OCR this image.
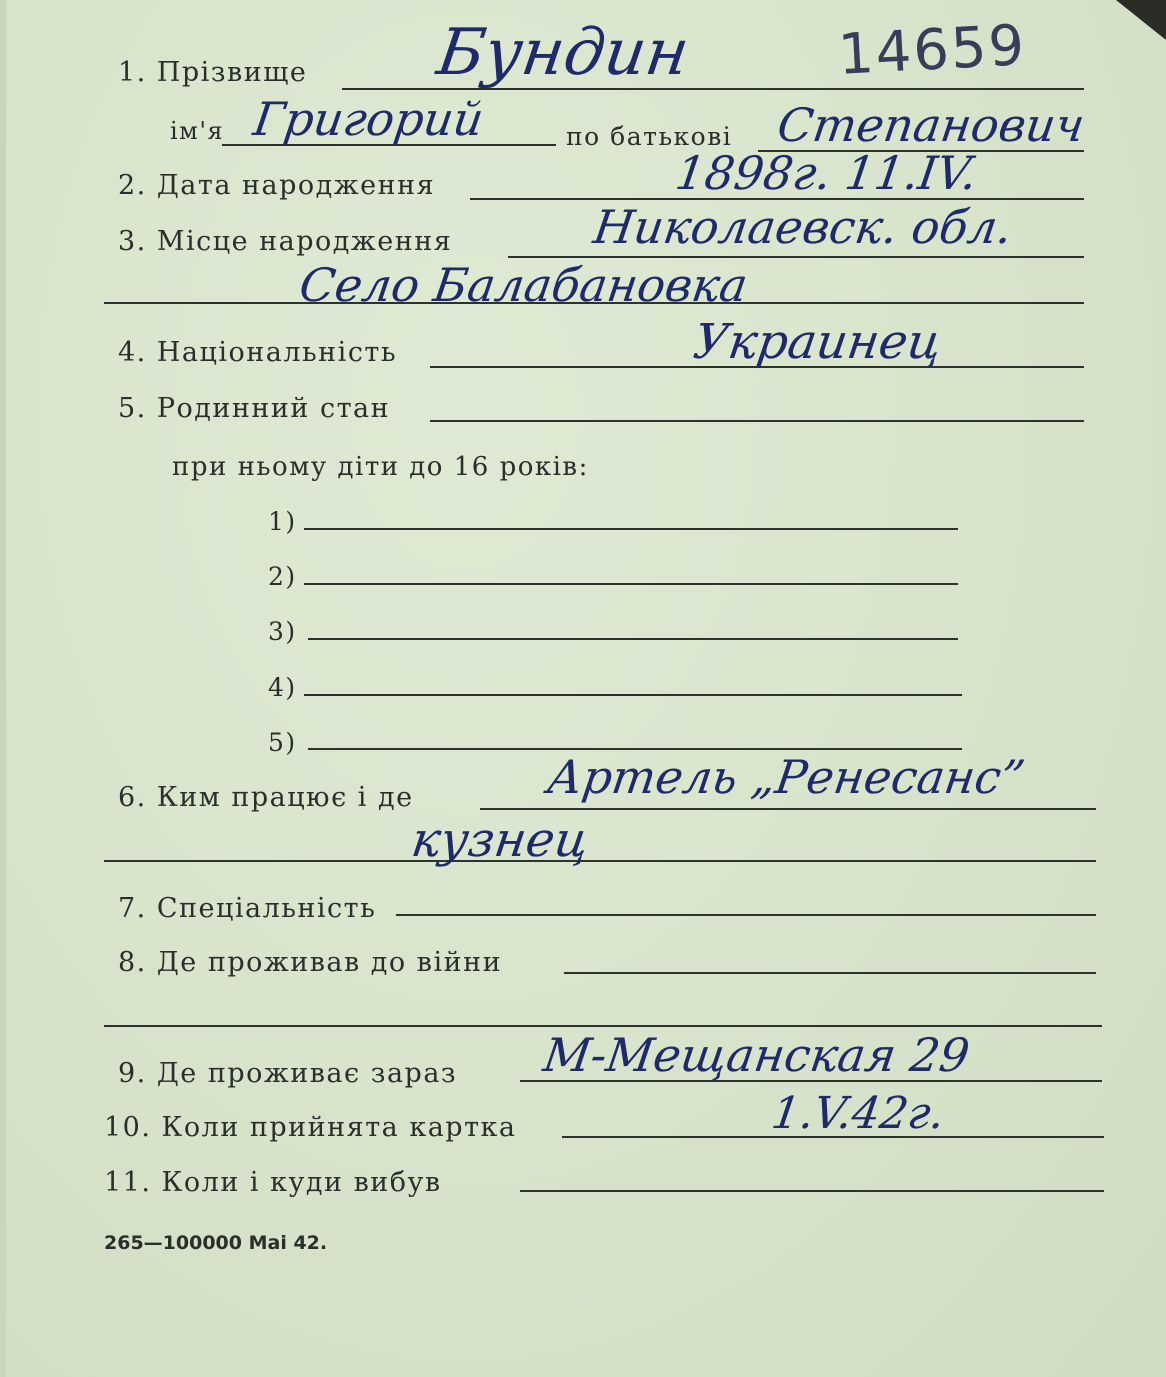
14659
1. Прізвище Бундин
ім'я Григорий	по батькові Степанович
2. Дата народження	1898г. 11.IV.
3. Місце народження	Николаевск. обл.
Село Балабановка
4. Національність	Украинец
5. Родинний стан
при ньому діти до 16 років:
1)
2)
3)
4)
5)
6. Ким працює і де	Артель „Ренесанс”
кузнец
7. Спеціальність
8. Де проживав до війни
9. Де проживає зараз М-Мещанская 29
10. Коли прийнята картка	1.V.42г.
11. Коли і куди вибув
265—100000 Mai 42.
